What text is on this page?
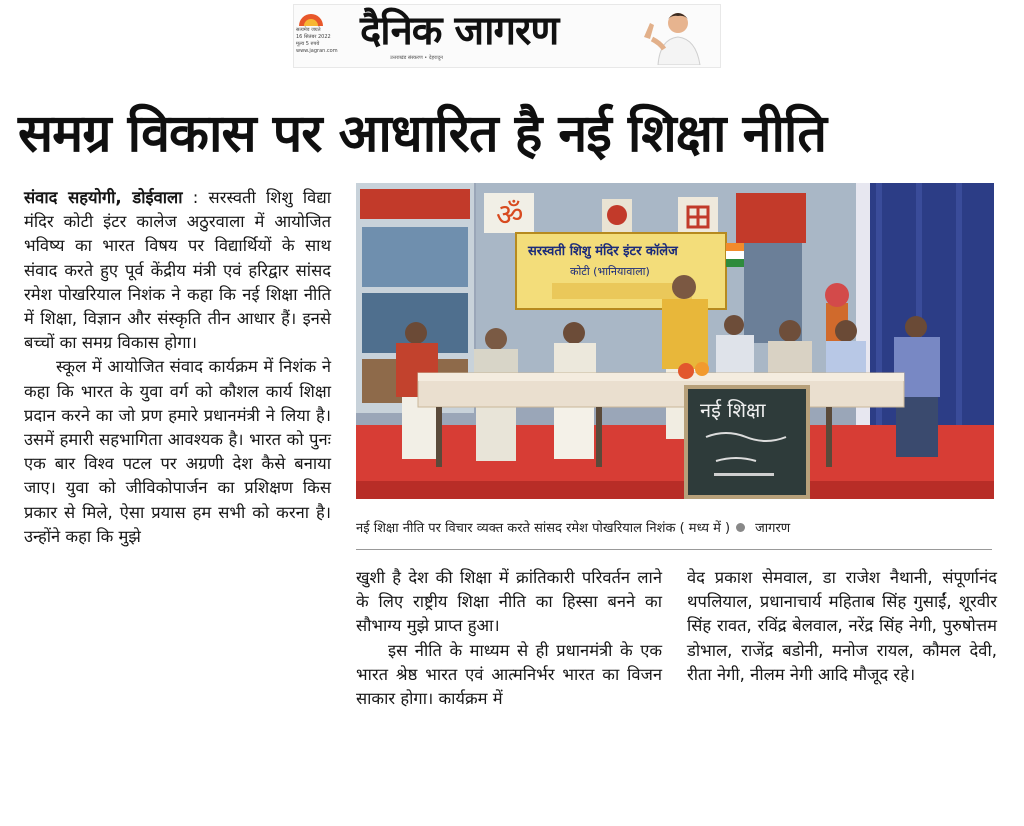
सत्यमेव जयते
16 सितंबर 2022
मूल्य 5 रुपये
www.jagran.com दैनिक जागरण
उत्तराखंड संस्करण • देहरादून
समग्र विकास पर आधारित है नई शिक्षा नीति

संवाद सहयोगी, डोईवाला : सरस्वती शिशु विद्या मंदिर कोटी इंटर कालेज अठुरवाला में आयोजित भविष्य का भारत विषय पर विद्यार्थियों के साथ संवाद करते हुए पूर्व केंद्रीय मंत्री एवं हरिद्वार सांसद रमेश पोखरियाल निशंक ने कहा कि नई शिक्षा नीति में शिक्षा, विज्ञान और संस्कृति तीन आधार हैं। इनसे बच्चों का समग्र विकास होगा।

स्कूल में आयोजित संवाद कार्यक्रम में निशंक ने कहा कि भारत के युवा वर्ग को कौशल कार्य शिक्षा प्रदान करने का जो प्रण हमारे प्रधानमंत्री ने लिया है। उसमें हमारी सहभागिता आवश्यक है। भारत को पुनः एक बार विश्व पटल पर अग्रणी देश कैसे बनाया जाए। युवा को जीविकोपार्जन का प्रशिक्षण किस प्रकार से मिले, ऐसा प्रयास हम सभी को करना है। उन्होंने कहा कि मुझे

ॐ
सरस्वती शिशु मंदिर इंटर कॉलेज
कोटी (भानियावाला)
नई शिक्षा
नई शिक्षा नीति पर विचार व्यक्त करते सांसद रमेश पोखरियाल निशंक ( मध्य में ) जागरण

खुशी है देश की शिक्षा में क्रांतिकारी परिवर्तन लाने के लिए राष्ट्रीय शिक्षा नीति का हिस्सा बनने का सौभाग्य मुझे प्राप्त हुआ।

इस नीति के माध्यम से ही प्रधानमंत्री के एक भारत श्रेष्ठ भारत एवं आत्मनिर्भर भारत का विजन साकार होगा। कार्यक्रम में

वेद प्रकाश सेमवाल, डा राजेश नैथानी, संपूर्णानंद थपलियाल, प्रधानाचार्य महिताब सिंह गुसाईं, शूरवीर सिंह रावत, रविंद्र बेलवाल, नरेंद्र सिंह नेगी, पुरुषोत्तम डोभाल, राजेंद्र बडोनी, मनोज रायल, कौमल देवी, रीता नेगी, नीलम नेगी आदि मौजूद रहे।
